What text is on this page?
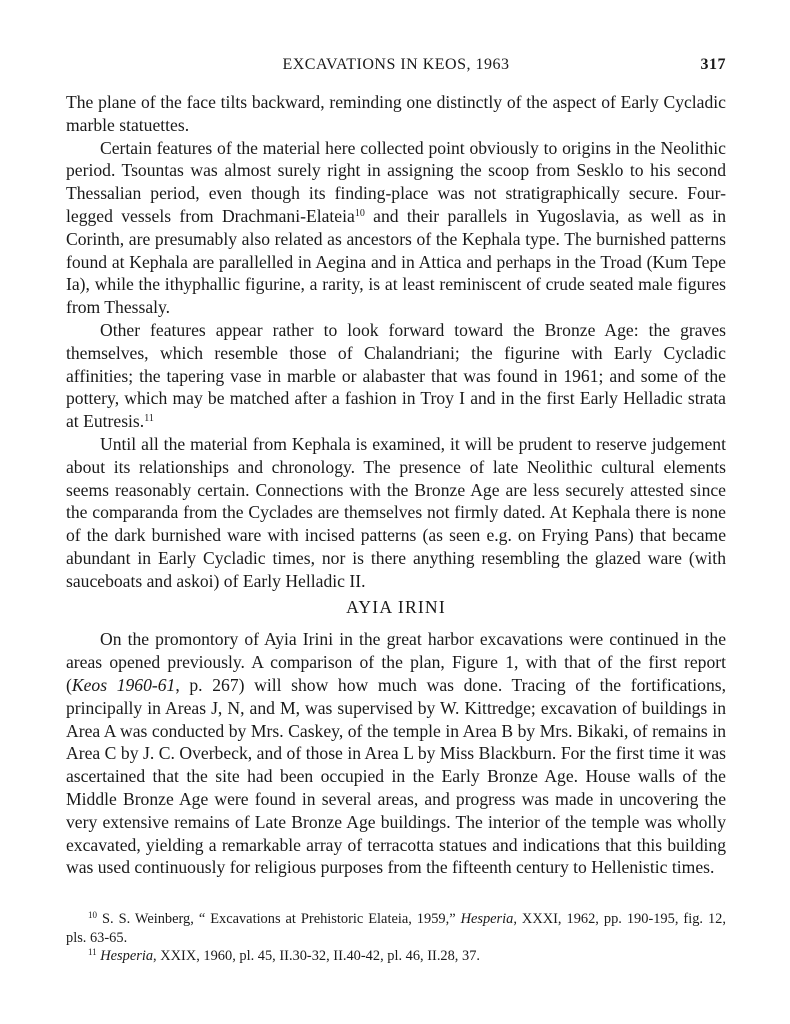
EXCAVATIONS IN KEOS, 1963	317

The plane of the face tilts backward, reminding one distinctly of the aspect of Early Cycladic marble statuettes.

Certain features of the material here collected point obviously to origins in the Neolithic period. Tsountas was almost surely right in assigning the scoop from Sesklo to his second Thessalian period, even though its finding-place was not stratigraphically secure. Four-legged vessels from Drachmani-Elateia$^{10}$ and their parallels in Yugoslavia, as well as in Corinth, are presumably also related as ancestors of the Kephala type. The burnished patterns found at Kephala are parallelled in Aegina and in Attica and perhaps in the Troad (Kum Tepe Ia), while the ithyphallic figurine, a rarity, is at least reminiscent of crude seated male figures from Thessaly.

Other features appear rather to look forward toward the Bronze Age: the graves themselves, which resemble those of Chalandriani; the figurine with Early Cycladic affinities; the tapering vase in marble or alabaster that was found in 1961; and some of the pottery, which may be matched after a fashion in Troy I and in the first Early Helladic strata at Eutresis.$^{11}$

Until all the material from Kephala is examined, it will be prudent to reserve judgement about its relationships and chronology. The presence of late Neolithic cultural elements seems reasonably certain. Connections with the Bronze Age are less securely attested since the comparanda from the Cyclades are themselves not firmly dated. At Kephala there is none of the dark burnished ware with incised patterns (as seen e.g. on Frying Pans) that became abundant in Early Cycladic times, nor is there anything resembling the glazed ware (with sauceboats and askoi) of Early Helladic II.

AYIA IRINI

On the promontory of Ayia Irini in the great harbor excavations were continued in the areas opened previously. A comparison of the plan, Figure 1, with that of the first report (Keos 1960-61, p. 267) will show how much was done. Tracing of the fortifications, principally in Areas J, N, and M, was supervised by W. Kittredge; excavation of buildings in Area A was conducted by Mrs. Caskey, of the temple in Area B by Mrs. Bikaki, of remains in Area C by J. C. Overbeck, and of those in Area L by Miss Blackburn. For the first time it was ascertained that the site had been occupied in the Early Bronze Age. House walls of the Middle Bronze Age were found in several areas, and progress was made in uncovering the very extensive remains of Late Bronze Age buildings. The interior of the temple was wholly excavated, yielding a remarkable array of terracotta statues and indications that this building was used continuously for religious purposes from the fifteenth century to Hellenistic times.

$^{10}$ S. S. Weinberg, “ Excavations at Prehistoric Elateia, 1959,” Hesperia, XXXI, 1962, pp. 190-195, fig. 12, pls. 63-65.

$^{11}$ Hesperia, XXIX, 1960, pl. 45, II.30-32, II.40-42, pl. 46, II.28, 37.
